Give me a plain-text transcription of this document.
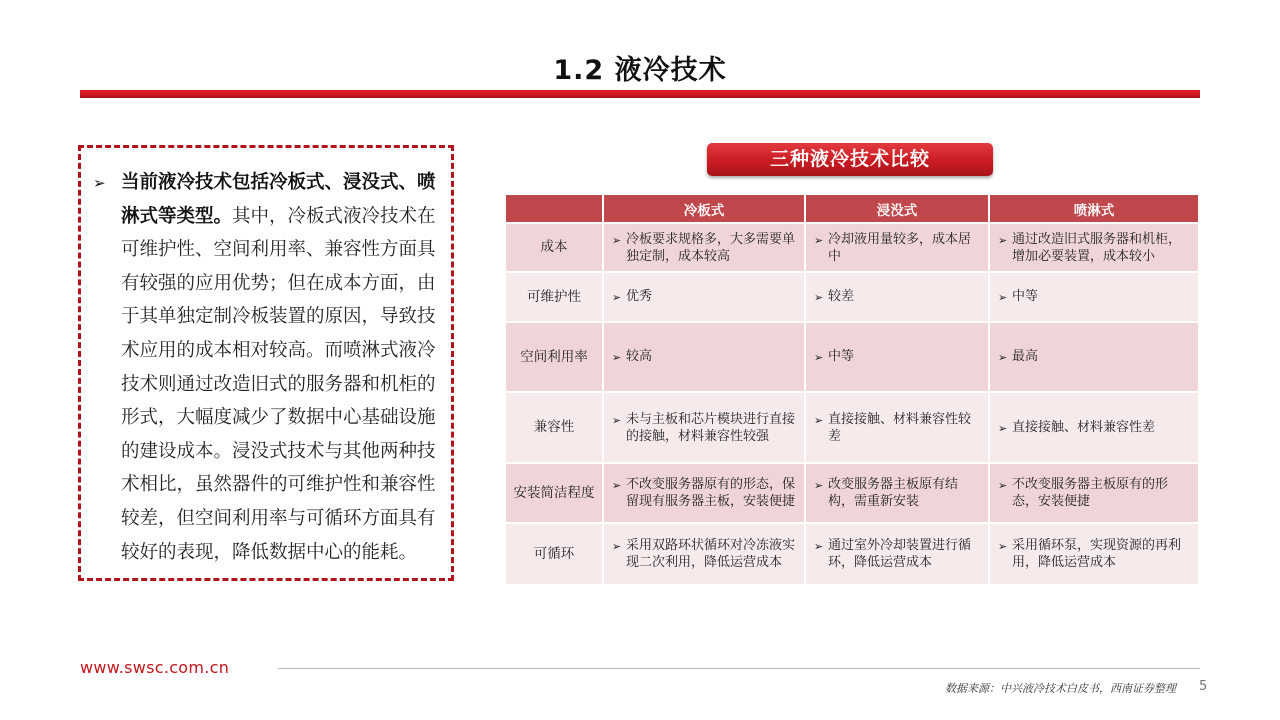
1.2 液冷技术
➢ 当前液冷技术包括冷板式、浸没式、喷淋式等类型。其中，冷板式液冷技术在可维护性、空间利用率、兼容性方面具有较强的应用优势；但在成本方面，由于其单独定制冷板装置的原因，导致技术应用的成本相对较高。而喷淋式液冷技术则通过改造旧式的服务器和机柜的形式，大幅度减少了数据中心基础设施的建设成本。浸没式技术与其他两种技术相比，虽然器件的可维护性和兼容性较差，但空间利用率与可循环方面具有较好的表现，降低数据中心的能耗。
三种液冷技术比较
	冷板式	浸没式	喷淋式
成本	➢ 冷板要求规格多，大多需要单独定制，成本较高	➢ 冷却液用量较多，成本居中	➢ 通过改造旧式服务器和机柜，增加必要装置，成本较小

可维护性	➢ 优秀	➢ 较差	➢ 中等

空间利用率	➢ 较高	➢ 中等	➢ 最高

兼容性	➢ 未与主板和芯片模块进行直接的接触，材料兼容性较强	➢ 直接接触、材料兼容性较差	➢ 直接接触、材料兼容性差

安装简洁程度	➢ 不改变服务器原有的形态，保留现有服务器主板，安装便捷	➢ 改变服务器主板原有结构，需重新安装	➢ 不改变服务器主板原有的形态，安装便捷

可循环	➢ 采用双路环状循环对冷冻液实现二次利用，降低运营成本	➢ 通过室外冷却装置进行循环，降低运营成本	➢ 采用循环泵，实现资源的再利用，降低运营成本
www.swsc.com.cn
数据来源：中兴液冷技术白皮书，西南证券整理 5
